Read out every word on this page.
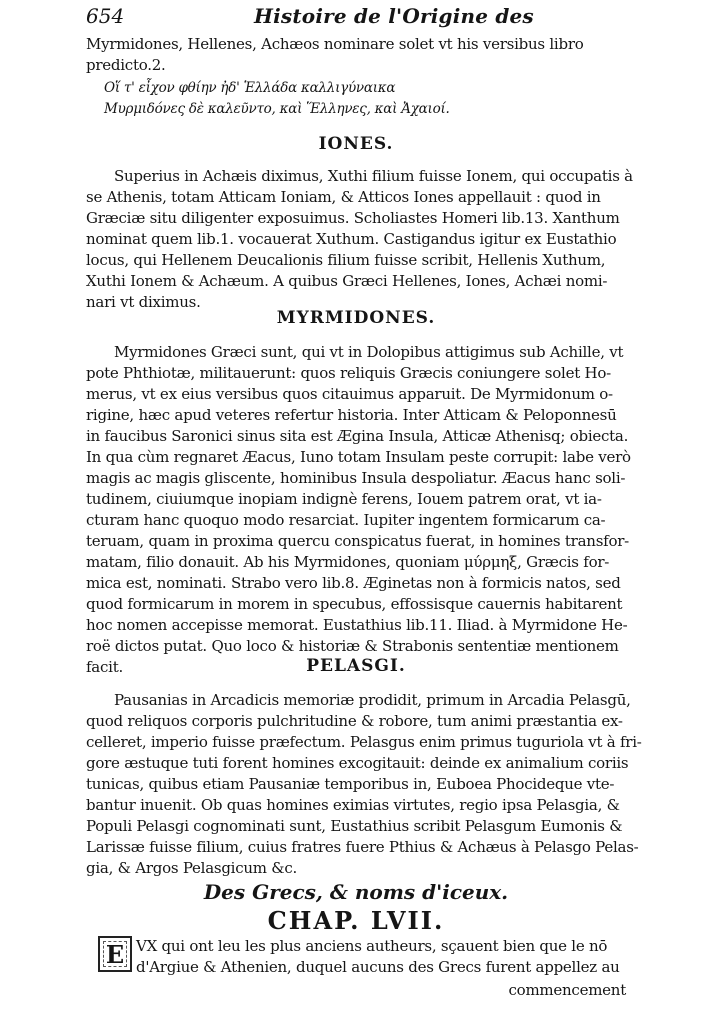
654	Histoire de l'Origine des
Myrmidones, Hellenes, Achæos nominare solet vt his versibus libro
predicto.2.
Οἵ τ' εἶχον φθίην ἠδ' Ἑλλάδα καλλιγύναικα
Μυρμιδόνες δὲ καλεῦντο, καὶ Ἕλληνες, καὶ Ἀχαιοί.
IONES.
Superius in Achæis diximus, Xuthi filium fuisse Ionem, qui occupatis à
se Athenis, totam Atticam Ioniam, & Atticos Iones appellauit : quod in
Græciæ situ diligenter exposuimus. Scholiastes Homeri lib.13. Xanthum
nominat quem lib.1. vocauerat Xuthum. Castigandus igitur ex Eustathio
locus, qui Hellenem Deucalionis filium fuisse scribit, Hellenis Xuthum,
Xuthi Ionem & Achæum. A quibus Græci Hellenes, Iones, Achæi nomi-
nari vt diximus.
MYRMIDONES.
Myrmidones Græci sunt, qui vt in Dolopibus attigimus sub Achille, vt
pote Phthiotæ, militauerunt: quos reliquis Græcis coniungere solet Ho-
merus, vt ex eius versibus quos citauimus apparuit. De Myrmidonum o-
rigine, hæc apud veteres refertur historia. Inter Atticam & Peloponnesū
in faucibus Saronici sinus sita est Ægina Insula, Atticæ Athenisq; obiecta.
In qua cùm regnaret Æacus, Iuno totam Insulam peste corrupit: labe verò
magis ac magis gliscente, hominibus Insula despoliatur. Æacus hanc soli-
tudinem, ciuiumque inopiam indignè ferens, Iouem patrem orat, vt ia-
cturam hanc quoquo modo resarciat. Iupiter ingentem formicarum ca-
teruam, quam in proxima quercu conspicatus fuerat, in homines transfor-
matam, filio donauit. Ab his Myrmidones, quoniam μύρμηξ, Græcis for-
mica est, nominati. Strabo vero lib.8. Æginetas non à formicis natos, sed
quod formicarum in morem in specubus, effossisque cauernis habitarent
hoc nomen accepisse memorat. Eustathius lib.11. Iliad. à Myrmidone He-
roë dictos putat. Quo loco & historiæ & Strabonis sententiæ mentionem
facit.	PELASGI.
Pausanias in Arcadicis memoriæ prodidit, primum in Arcadia Pelasgū,
quod reliquos corporis pulchritudine & robore, tum animi præstantia ex-
celleret, imperio fuisse præfectum. Pelasgus enim primus tuguriola vt à fri-
gore æstuque tuti forent homines excogitauit: deinde ex animalium coriis
tunicas, quibus etiam Pausaniæ temporibus in, Euboea Phocideque vte-
bantur inuenit. Ob quas homines eximias virtutes, regio ipsa Pelasgia, &
Populi Pelasgi cognominati sunt, Eustathius scribit Pelasgum Eumonis &
Larissæ fuisse filium, cuius fratres fuere Pthius & Achæus à Pelasgo Pelas-
gia, & Argos Pelasgicum &c.
Des Grecs, & noms d'iceux.
CHAP. LVII.
E VX qui ont leu les plus anciens autheurs, sçauent bien que le nō
d'Argiue & Athenien, duquel aucuns des Grecs furent appellez au
commencement
